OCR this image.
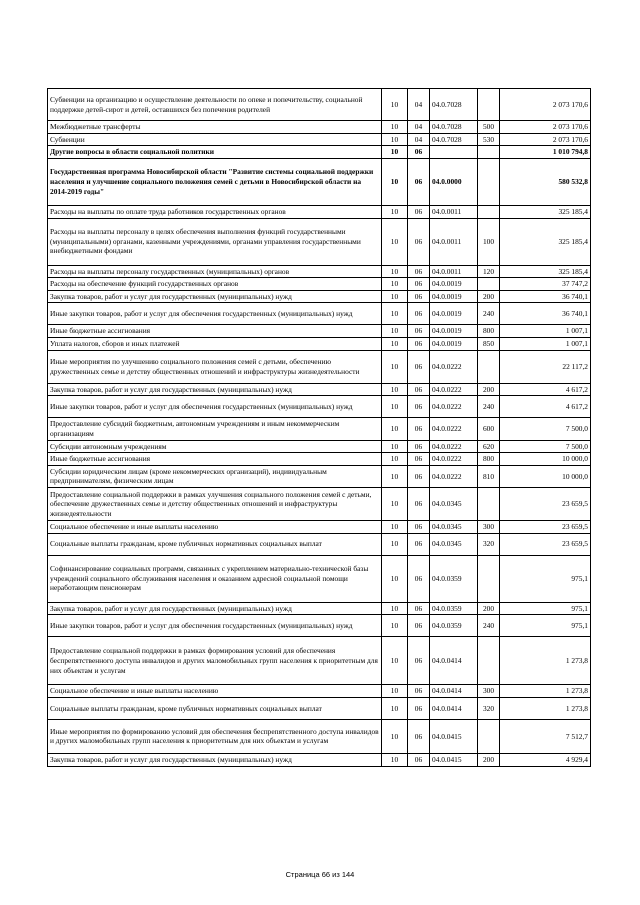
Субвенции на организацию и осуществление деятельности по опеке и попечительству, социальной поддержке детей-сирот и детей, оставшихся без попечения родителей	10	04	04.0.7028		2 073 170,6
Межбюджетные трансферты	10	04	04.0.7028	500	2 073 170,6
Субвенции	10	04	04.0.7028	530	2 073 170,6
Другие вопросы в области социальной политики	10	06			1 010 794,8
Государственная программа Новосибирской области "Развитие системы социальной поддержки населения и улучшение социального положения семей с детьми в Новосибирской области на 2014-2019 годы"	10	06	04.0.0000		580 532,8
Расходы на выплаты по оплате труда работников государственных органов	10	06	04.0.0011		325 185,4
Расходы на выплаты персоналу в целях обеспечения выполнения функций государственными (муниципальными) органами, казенными учреждениями, органами управления государственными внебюджетными фондами	10	06	04.0.0011	100	325 185,4
Расходы на выплаты персоналу государственных (муниципальных) органов	10	06	04.0.0011	120	325 185,4
Расходы на обеспечение функций государственных органов	10	06	04.0.0019		37 747,2
Закупка товаров, работ и услуг для государственных (муниципальных) нужд	10	06	04.0.0019	200	36 740,1
Иные закупки товаров, работ и услуг для обеспечения государственных (муниципальных) нужд	10	06	04.0.0019	240	36 740,1
Иные бюджетные ассигнования	10	06	04.0.0019	800	1 007,1
Уплата налогов, сборов и иных платежей	10	06	04.0.0019	850	1 007,1
Иные мероприятия по улучшению социального положения семей с детьми, обеспечению дружественных семье и детству общественных отношений и инфраструктуры жизнедеятельности	10	06	04.0.0222		22 117,2
Закупка товаров, работ и услуг для государственных (муниципальных) нужд	10	06	04.0.0222	200	4 617,2
Иные закупки товаров, работ и услуг для обеспечения государственных (муниципальных) нужд	10	06	04.0.0222	240	4 617,2
Предоставление субсидий бюджетным, автономным учреждениям и иным некоммерческим организациям	10	06	04.0.0222	600	7 500,0
Субсидии автономным учреждениям	10	06	04.0.0222	620	7 500,0
Иные бюджетные ассигнования	10	06	04.0.0222	800	10 000,0
Субсидии юридическим лицам (кроме некоммерческих организаций), индивидуальным предпринимателям, физическим лицам	10	06	04.0.0222	810	10 000,0
Предоставление социальной поддержки в рамках улучшения социального положения семей с детьми, обеспечение дружественных семье и детству общественных отношений и инфраструктуры жизнедеятельности	10	06	04.0.0345		23 659,5
Социальное обеспечение и иные выплаты населению	10	06	04.0.0345	300	23 659,5
Социальные выплаты гражданам, кроме публичных нормативных социальных выплат	10	06	04.0.0345	320	23 659,5
Софинансирование социальных программ, связанных с укреплением материально-технической базы учреждений социального обслуживания населения и оказанием адресной социальной помощи неработающим пенсионерам	10	06	04.0.0359		975,1
Закупка товаров, работ и услуг для государственных (муниципальных) нужд	10	06	04.0.0359	200	975,1
Иные закупки товаров, работ и услуг для обеспечения государственных (муниципальных) нужд	10	06	04.0.0359	240	975,1
Предоставление социальной поддержки в рамках формирования условий для обеспечения беспрепятственного доступа инвалидов и других маломобильных групп населения к приоритетным для них объектам и услугам	10	06	04.0.0414		1 273,8
Социальное обеспечение и иные выплаты населению	10	06	04.0.0414	300	1 273,8
Социальные выплаты гражданам, кроме публичных нормативных социальных выплат	10	06	04.0.0414	320	1 273,8
Иные мероприятия по формированию условий для обеспечения беспрепятственного доступа инвалидов и других маломобильных групп населения к приоритетным для них объектам и услугам	10	06	04.0.0415		7 512,7
Закупка товаров, работ и услуг для государственных (муниципальных) нужд	10	06	04.0.0415	200	4 929,4
Страница 66 из 144
